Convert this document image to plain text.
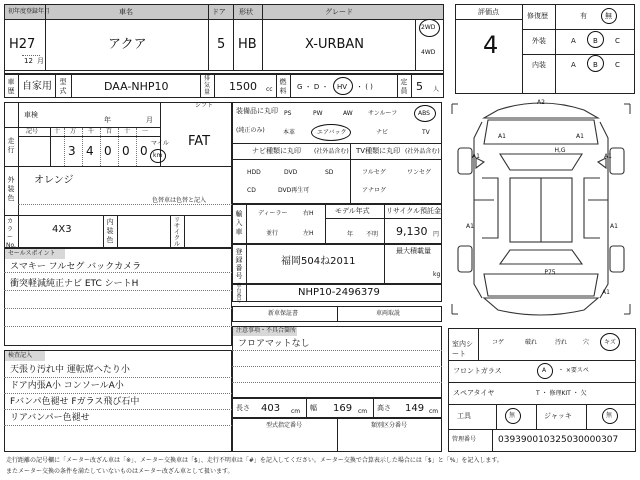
初年度登録年月	車名	ドア 形状	グレード
H27
12 月
アクア	5 HB	X-URBAN
2WD
4WD
車歴 自家用 型式	DAA-NHP10
排気量 1500 cc
燃料 G ・ D ・ HV ・ ( )
定員 5 人
評価点
4
修復歴	有	無
外装	A B C
内装	A B C
車検
年	月
シフト
FAT
走行
記号	十 万 千 百 十 一
3 4 0 0 0
マイル
km
外装色
オレンジ
色替車は色替と記入
カラーNo.
4X3
内装色
リサイクル
装備品に丸印
(純正のみ)
PS	PW	AW	サンルーフ	ABS
本革	エアバック	ナビ	TV
ナビ種類に丸印 (社外品含む)
HDD	DVD	SD
CD	DVD再生可
TV種類に丸印 (社外品含む)
フルセグ	ワンセグ
アナログ
輸入車
ディーラー	右H
並行	左H
モデル年式
年 不明
リサイクル預託金
9,130 円
セールスポイント
スマキー フルセグ バックカメラ
衝突軽減純正ナビ ETC シートH
登録番号
福岡504ね2011
最大積載量
kg
車台番号
NHP10-2496379
新車保証書	車両取説
注意事項・不具合箇所
フロアマットなし
検査記入
天張り汚れ中 運転席ヘたり小
ドア内張A小 コンソールA小
Fバンパ色褪せ Fガラス飛び石中
リアバンパー色褪せ
長さ 403 cm 幅 169 cm 高さ 149 cm
型式指定番号	類別区分番号
A2
A1	A1
A1	A1
H,G
A1	A1
P75
A1
室内シート
コゲ	破れ	汚れ	穴 キズ
フロントガラス	A ・ ×要スペ
スペアタイヤ	T ・ 修理KIT ・ 欠
工具	無	ジャッキ	無
管理番号 039390010325030000307
走行距離の記号欄に「メーター改ざん車は「※」、メーター交換車は「$」、走行不明車は「#」を記入してください。メーター交換で合算表示した場合には「$」と「%」を記入します。
またメーター交換の条件を満たしていないものはメーター改ざん車として扱います。
